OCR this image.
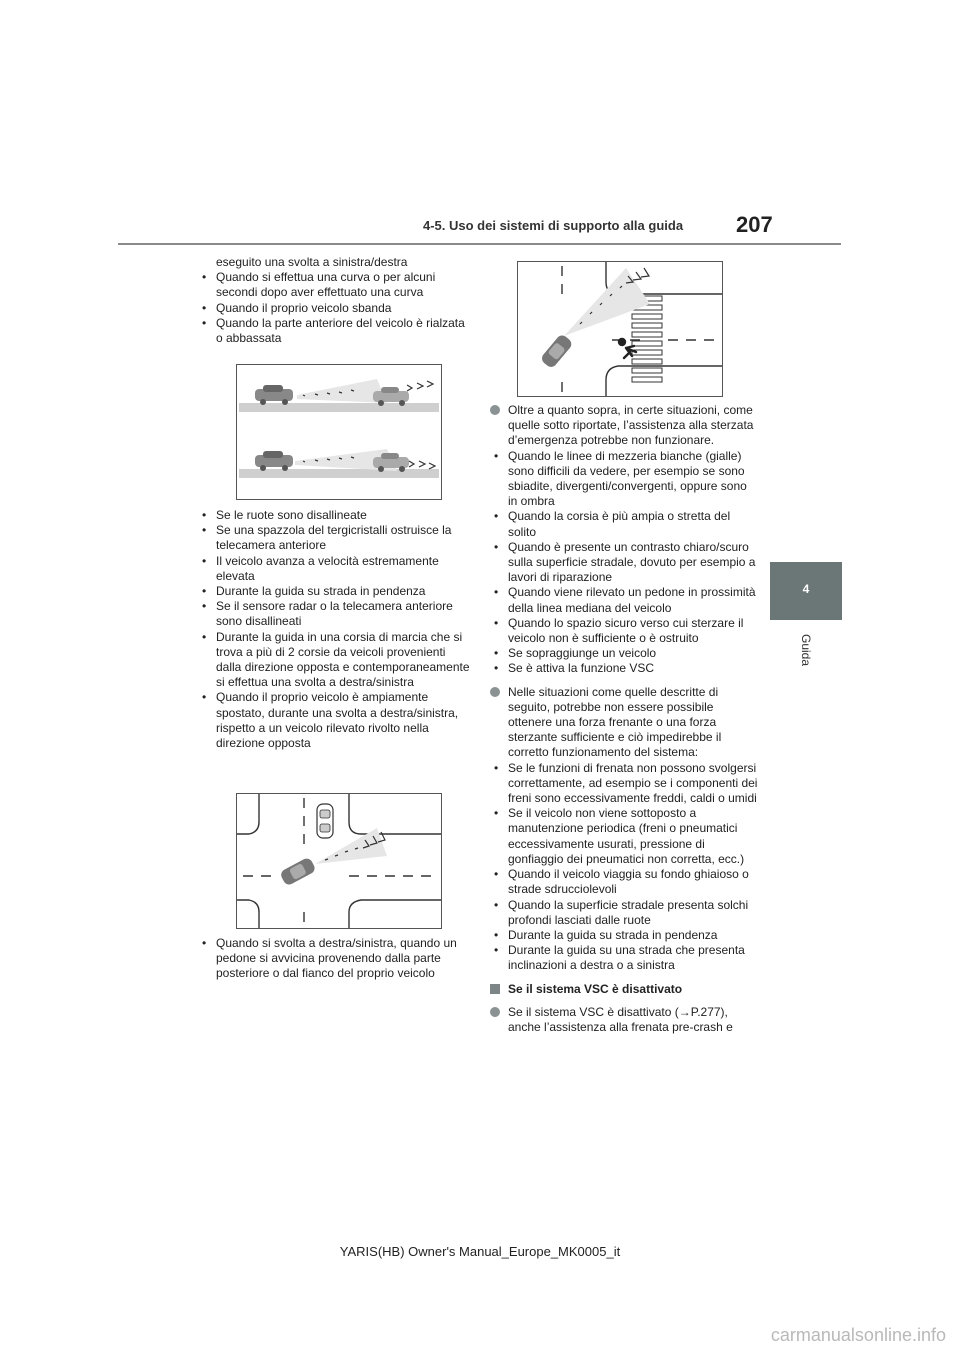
4-5. Uso dei sistemi di supporto alla guida 207
4
Guida
eseguito una svolta a sinistra/destra
• Quando si effettua una curva o per alcuni secondi dopo aver effettuato una curva
• Quando il proprio veicolo sbanda
• Quando la parte anteriore del veicolo è rialzata o abbassata
• Se le ruote sono disallineate
• Se una spazzola del tergicristalli ostruisce la telecamera anteriore
• Il veicolo avanza a velocità estremamente elevata
• Durante la guida su strada in pendenza
• Se il sensore radar o la telecamera anteriore sono disallineati
• Durante la guida in una corsia di marcia che si trova a più di 2 corsie da veicoli provenienti dalla direzione opposta e contemporaneamente si effettua una svolta a destra/sinistra
• Quando il proprio veicolo è ampiamente spostato, durante una svolta a destra/sinistra, rispetto a un veicolo rilevato rivolto nella direzione opposta
• Quando si svolta a destra/sinistra, quando un pedone si avvicina provenendo dalla parte posteriore o dal fianco del proprio veicolo
Oltre a quanto sopra, in certe situazioni, come quelle sotto riportate, l’assistenza alla sterzata d’emergenza potrebbe non funzionare.
• Quando le linee di mezzeria bianche (gialle) sono difficili da vedere, per esempio se sono sbiadite, divergenti/convergenti, oppure sono in ombra
• Quando la corsia è più ampia o stretta del solito
• Quando è presente un contrasto chiaro/scuro sulla superficie stradale, dovuto per esempio a lavori di riparazione
• Quando viene rilevato un pedone in prossimità della linea mediana del veicolo
• Quando lo spazio sicuro verso cui sterzare il veicolo non è sufficiente o è ostruito
• Se sopraggiunge un veicolo
• Se è attiva la funzione VSC
Nelle situazioni come quelle descritte di seguito, potrebbe non essere possibile ottenere una forza frenante o una forza sterzante sufficiente e ciò impedirebbe il corretto funzionamento del sistema:
• Se le funzioni di frenata non possono svolgersi correttamente, ad esempio se i componenti dei freni sono eccessivamente freddi, caldi o umidi
• Se il veicolo non viene sottoposto a manutenzione periodica (freni o pneumatici eccessivamente usurati, pressione di gonfiaggio dei pneumatici non corretta, ecc.)
• Quando il veicolo viaggia su fondo ghiaioso o strade sdrucciolevoli
• Quando la superficie stradale presenta solchi profondi lasciati dalle ruote
• Durante la guida su strada in pendenza
• Durante la guida su una strada che presenta inclinazioni a destra o a sinistra
Se il sistema VSC è disattivato
Se il sistema VSC è disattivato (→P.277), anche l’assistenza alla frenata pre-crash e
YARIS(HB) Owner's Manual_Europe_MK0005_it
carmanualsonline.info
